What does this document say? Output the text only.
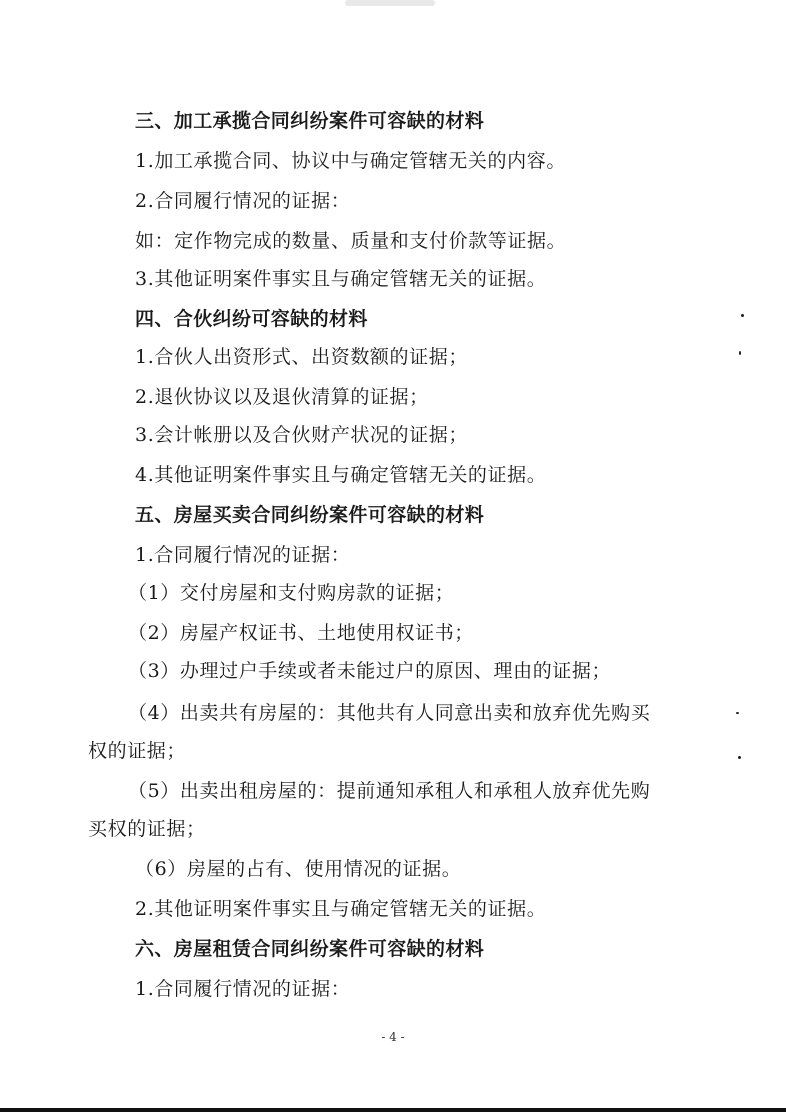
三、加工承揽合同纠纷案件可容缺的材料
1.加工承揽合同、协议中与确定管辖无关的内容。
2.合同履行情况的证据：
如：定作物完成的数量、质量和支付价款等证据。
3.其他证明案件事实且与确定管辖无关的证据。
四、合伙纠纷可容缺的材料
1.合伙人出资形式、出资数额的证据；
2.退伙协议以及退伙清算的证据；
3.会计帐册以及合伙财产状况的证据；
4.其他证明案件事实且与确定管辖无关的证据。
五、房屋买卖合同纠纷案件可容缺的材料
1.合同履行情况的证据：
（1）交付房屋和支付购房款的证据；
（2）房屋产权证书、土地使用权证书；
（3）办理过户手续或者未能过户的原因、理由的证据；
（4）出卖共有房屋的：其他共有人同意出卖和放弃优先购买
权的证据；
（5）出卖出租房屋的：提前通知承租人和承租人放弃优先购
买权的证据；
（6）房屋的占有、使用情况的证据。
2.其他证明案件事实且与确定管辖无关的证据。
六、房屋租赁合同纠纷案件可容缺的材料
1.合同履行情况的证据：
- 4 -
